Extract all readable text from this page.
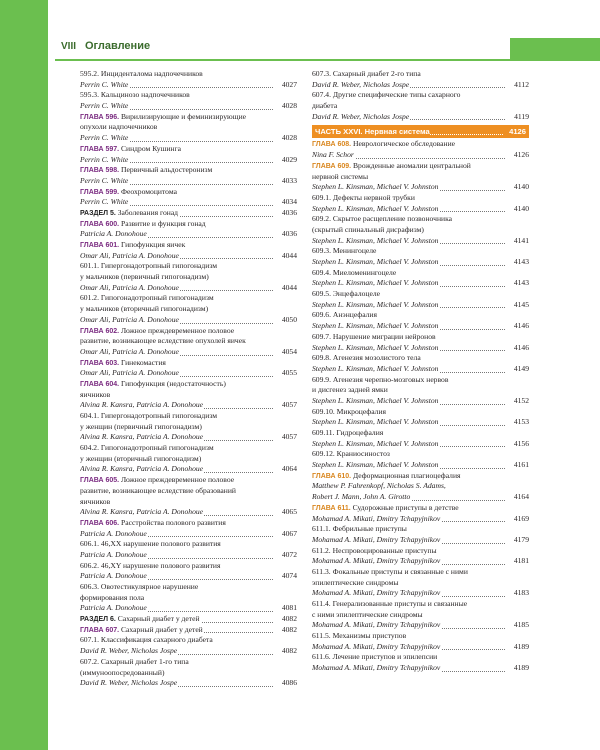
VIII Оглавление
595.2. Инциденталома надпочечников
Perrin C. White	4027
595.3. Кальцинозо надпочечников
Perrin C. White	4028
ГЛАВА 596. Вирилизирующие и феминизирующие
опухоли надпочечников
Perrin C. White	4028
ГЛАВА 597. Синдром Кушинга
Perrin C. White	4029
ГЛАВА 598. Первичный альдостеронизм
Perrin C. White	4033
ГЛАВА 599. Феохромоцитома
Perrin C. White	4034
РАЗДЕЛ 5. Заболевания гонад	4036
ГЛАВА 600. Развитие и функция гонад
Patricia A. Donohoue	4036
ГЛАВА 601. Гипофункция яичек
Omar Ali, Patricia A. Donohoue	4044
601.1. Гипергонадотропный гипогонадизм
у мальчиков (первичный гипогонадизм)
Omar Ali, Patricia A. Donohoue	4044
601.2. Гипогонадотропный гипогонадизм
у мальчиков (вторичный гипогонадизм)
Omar Ali, Patricia A. Donohoue	4050
ГЛАВА 602. Ложное преждевременное половое
развитие, возникающее вследствие опухолей яичек
Omar Ali, Patricia A. Donohoue	4054
ГЛАВА 603. Гинекомастия
Omar Ali, Patricia A. Donohoue	4055
ГЛАВА 604. Гипофункция (недостаточность)
яичников
Alvina R. Kansra, Patricia A. Donohoue	4057
604.1. Гипергонадотропный гипогонадизм
у женщин (первичный гипогонадизм)
Alvina R. Kansra, Patricia A. Donohoue	4057
604.2. Гипогонадотропный гипогонадизм
у женщин (вторичный гипогонадизм)
Alvina R. Kansra, Patricia A. Donohoue	4064
ГЛАВА 605. Ложное преждевременное половое
развитие, возникающее вследствие образований
яичников
Alvina R. Kansra, Patricia A. Donohoue	4065
ГЛАВА 606. Расстройства полового развития
Patricia A. Donohoue	4067
606.1. 46,XX нарушение полового развития
Patricia A. Donohoue	4072
606.2. 46,XY нарушение полового развития
Patricia A. Donohoue	4074
606.3. Овотестикулярное нарушение
формирования пола
Patricia A. Donohoue	4081
РАЗДЕЛ 6. Сахарный диабет у детей	4082
ГЛАВА 607. Сахарный диабет у детей	4082
607.1. Классификация сахарного диабета
David R. Weber, Nicholas Jospe	4082
607.2. Сахарный диабет 1-го типа
(иммуноопосредованный)
David R. Weber, Nicholas Jospe	4086
607.3. Сахарный диабет 2-го типа
David R. Weber, Nicholas Jospe	4112
607.4. Другие специфические типы сахарного
диабета
David R. Weber, Nicholas Jospe	4119
ЧАСТЬ XXVI. Нервная система	4126
ГЛАВА 608. Неврологическое обследование
Nina F. Schor	4126
ГЛАВА 609. Врожденные аномалии центральной
нервной системы
Stephen L. Kinsman, Michael V. Johnston	4140
609.1. Дефекты нервной трубки
Stephen L. Kinsman, Michael V. Johnston	4140
609.2. Скрытое расщепление позвоночника
(скрытый спинальный дисрафизм)
Stephen L. Kinsman, Michael V. Johnston	4141
609.3. Менингоцеле
Stephen L. Kinsman, Michael V. Johnston	4143
609.4. Миеломенингоцеле
Stephen L. Kinsman, Michael V. Johnston	4143
609.5. Энцефалоцеле
Stephen L. Kinsman, Michael V. Johnston	4145
609.6. Анэнцефалия
Stephen L. Kinsman, Michael V. Johnston	4146
609.7. Нарушение миграции нейронов
Stephen L. Kinsman, Michael V. Johnston	4146
609.8. Агенезия мозолистого тела
Stephen L. Kinsman, Michael V. Johnston	4149
609.9. Агенезия черепно-мозговых нервов
и дисгенез задней ямки
Stephen L. Kinsman, Michael V. Johnston	4152
609.10. Микроцефалия
Stephen L. Kinsman, Michael V. Johnston	4153
609.11. Гидроцефалия
Stephen L. Kinsman, Michael V. Johnston	4156
609.12. Краниосиностоз
Stephen L. Kinsman, Michael V. Johnston	4161
ГЛАВА 610. Деформационная плагиоцефалия
Matthew P. Fahrenkopf, Nicholas S. Adams,
Robert J. Mann, John A. Girotto	4164
ГЛАВА 611. Судорожные приступы в детстве
Mohamad A. Mikati, Dmitry Tchapyjnikov	4169
611.1. Фебрильные приступы
Mohamad A. Mikati, Dmitry Tchapyjnikov	4179
611.2. Неспровоцированные приступы
Mohamad A. Mikati, Dmitry Tchapyjnikov	4181
611.3. Фокальные приступы и связанные с ними
эпилептические синдромы
Mohamad A. Mikati, Dmitry Tchapyjnikov	4183
611.4. Генерализованные приступы и связанные
с ними эпилептические синдромы
Mohamad A. Mikati, Dmitry Tchapyjnikov	4185
611.5. Механизмы приступов
Mohamad A. Mikati, Dmitry Tchapyjnikov	4189
611.6. Лечение приступов и эпилепсии
Mohamad A. Mikati, Dmitry Tchapyjnikov	4189
